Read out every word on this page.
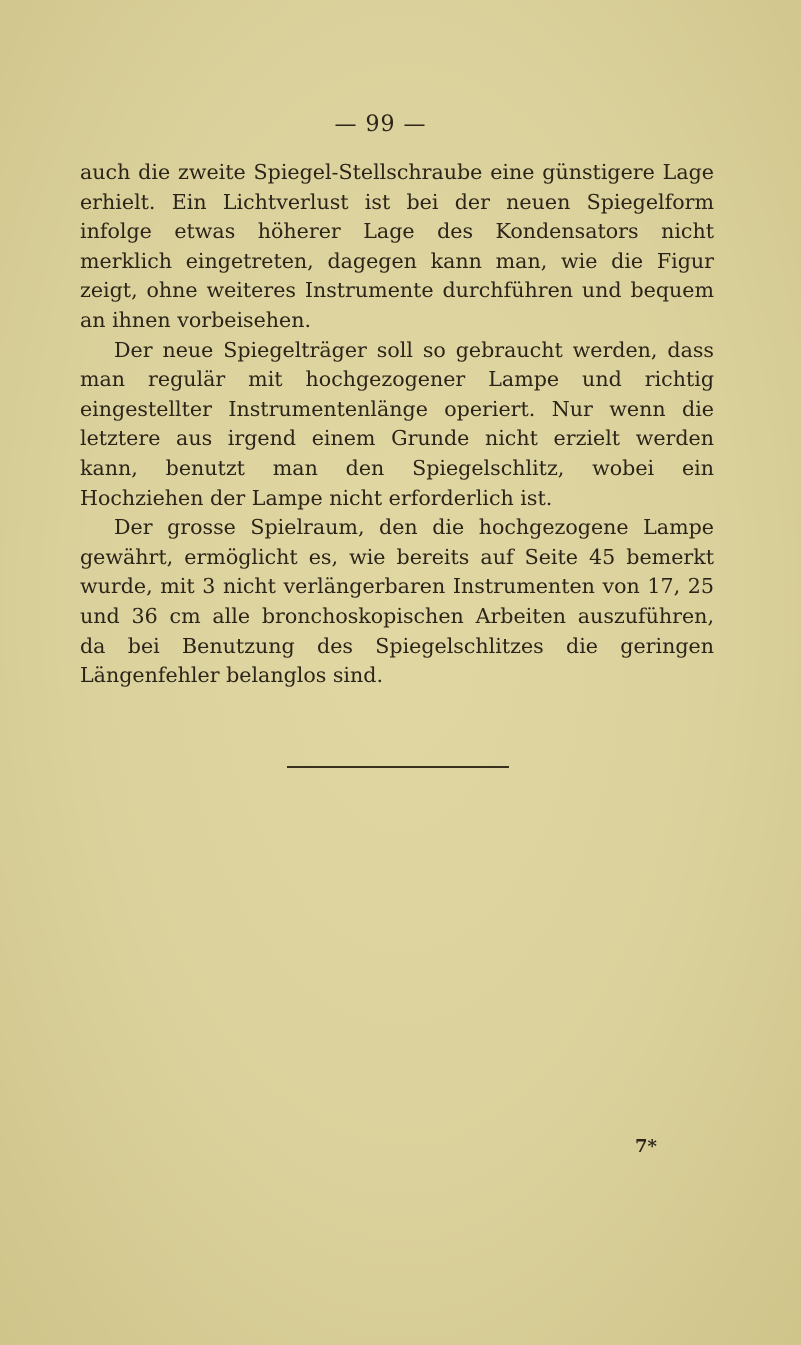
— 99 —

auch die zweite Spiegel-Stellschraube eine günstigere Lage erhielt. Ein Lichtverlust ist bei der neuen Spiegelform infolge etwas höherer Lage des Kondensators nicht merklich eingetreten, dagegen kann man, wie die Figur zeigt, ohne weiteres Instrumente durchführen und bequem an ihnen vorbeisehen.

Der neue Spiegelträger soll so gebraucht werden, dass man regulär mit hochgezogener Lampe und richtig eingestellter Instrumentenlänge operiert. Nur wenn die letztere aus irgend einem Grunde nicht erzielt werden kann, benutzt man den Spiegelschlitz, wobei ein Hochziehen der Lampe nicht erforderlich ist.

Der grosse Spielraum, den die hochgezogene Lampe gewährt, ermöglicht es, wie bereits auf Seite 45 bemerkt wurde, mit 3 nicht verlängerbaren Instrumenten von 17, 25 und 36 cm alle bronchoskopischen Arbeiten auszuführen, da bei Benutzung des Spiegelschlitzes die geringen Längenfehler belanglos sind.

7*
